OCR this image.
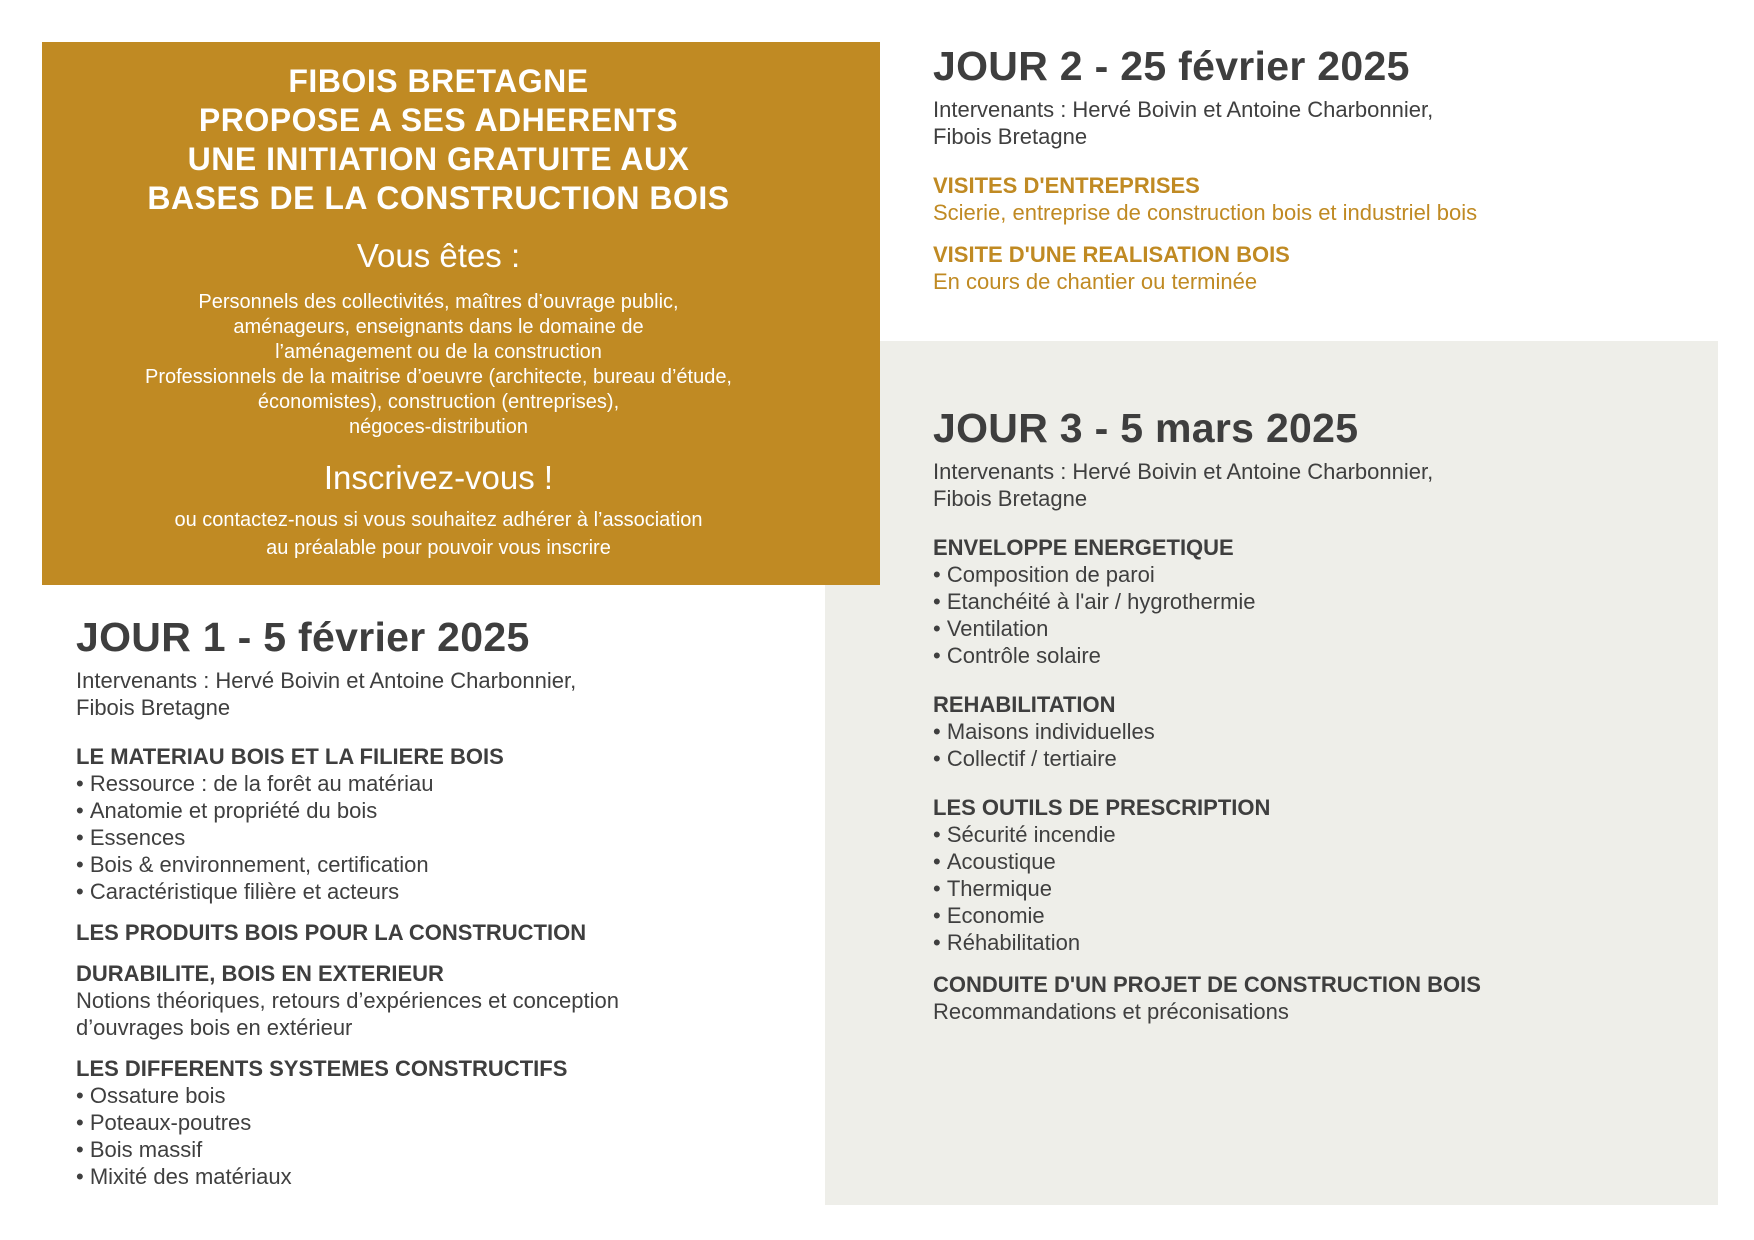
FIBOIS BRETAGNE
PROPOSE A SES ADHERENTS
UNE INITIATION GRATUITE AUX
BASES DE LA CONSTRUCTION BOIS
Vous êtes :
Personnels des collectivités, maîtres d’ouvrage public,
aménageurs, enseignants dans le domaine de
l’aménagement ou de la construction
Professionnels de la maitrise d’oeuvre (architecte, bureau d’étude,
économistes), construction (entreprises),
négoces-distribution
Inscrivez-vous !
ou contactez-nous si vous souhaitez adhérer à l’association
au préalable pour pouvoir vous inscrire
JOUR 2 - 25 février 2025
Intervenants : Hervé Boivin et Antoine Charbonnier,
Fibois Bretagne
VISITES D'ENTREPRISES
Scierie, entreprise de construction bois et industriel bois
VISITE D'UNE REALISATION BOIS
En cours de chantier ou terminée
JOUR 3 - 5 mars 2025
Intervenants : Hervé Boivin et Antoine Charbonnier,
Fibois Bretagne
ENVELOPPE ENERGETIQUE
• Composition de paroi
• Etanchéité à l'air / hygrothermie
• Ventilation
• Contrôle solaire
REHABILITATION
• Maisons individuelles
• Collectif / tertiaire
LES OUTILS DE PRESCRIPTION
• Sécurité incendie
• Acoustique
• Thermique
• Economie
• Réhabilitation
CONDUITE D'UN PROJET DE CONSTRUCTION BOIS
Recommandations et préconisations
JOUR 1 - 5 février 2025
Intervenants : Hervé Boivin et Antoine Charbonnier,
Fibois Bretagne
LE MATERIAU BOIS ET LA FILIERE BOIS
• Ressource : de la forêt au matériau
• Anatomie et propriété du bois
• Essences
• Bois & environnement, certification
• Caractéristique filière et acteurs
LES PRODUITS BOIS POUR LA CONSTRUCTION
DURABILITE, BOIS EN EXTERIEUR
Notions théoriques, retours d’expériences et conception
d’ouvrages bois en extérieur
LES DIFFERENTS SYSTEMES CONSTRUCTIFS
• Ossature bois
• Poteaux-poutres
• Bois massif
• Mixité des matériaux
